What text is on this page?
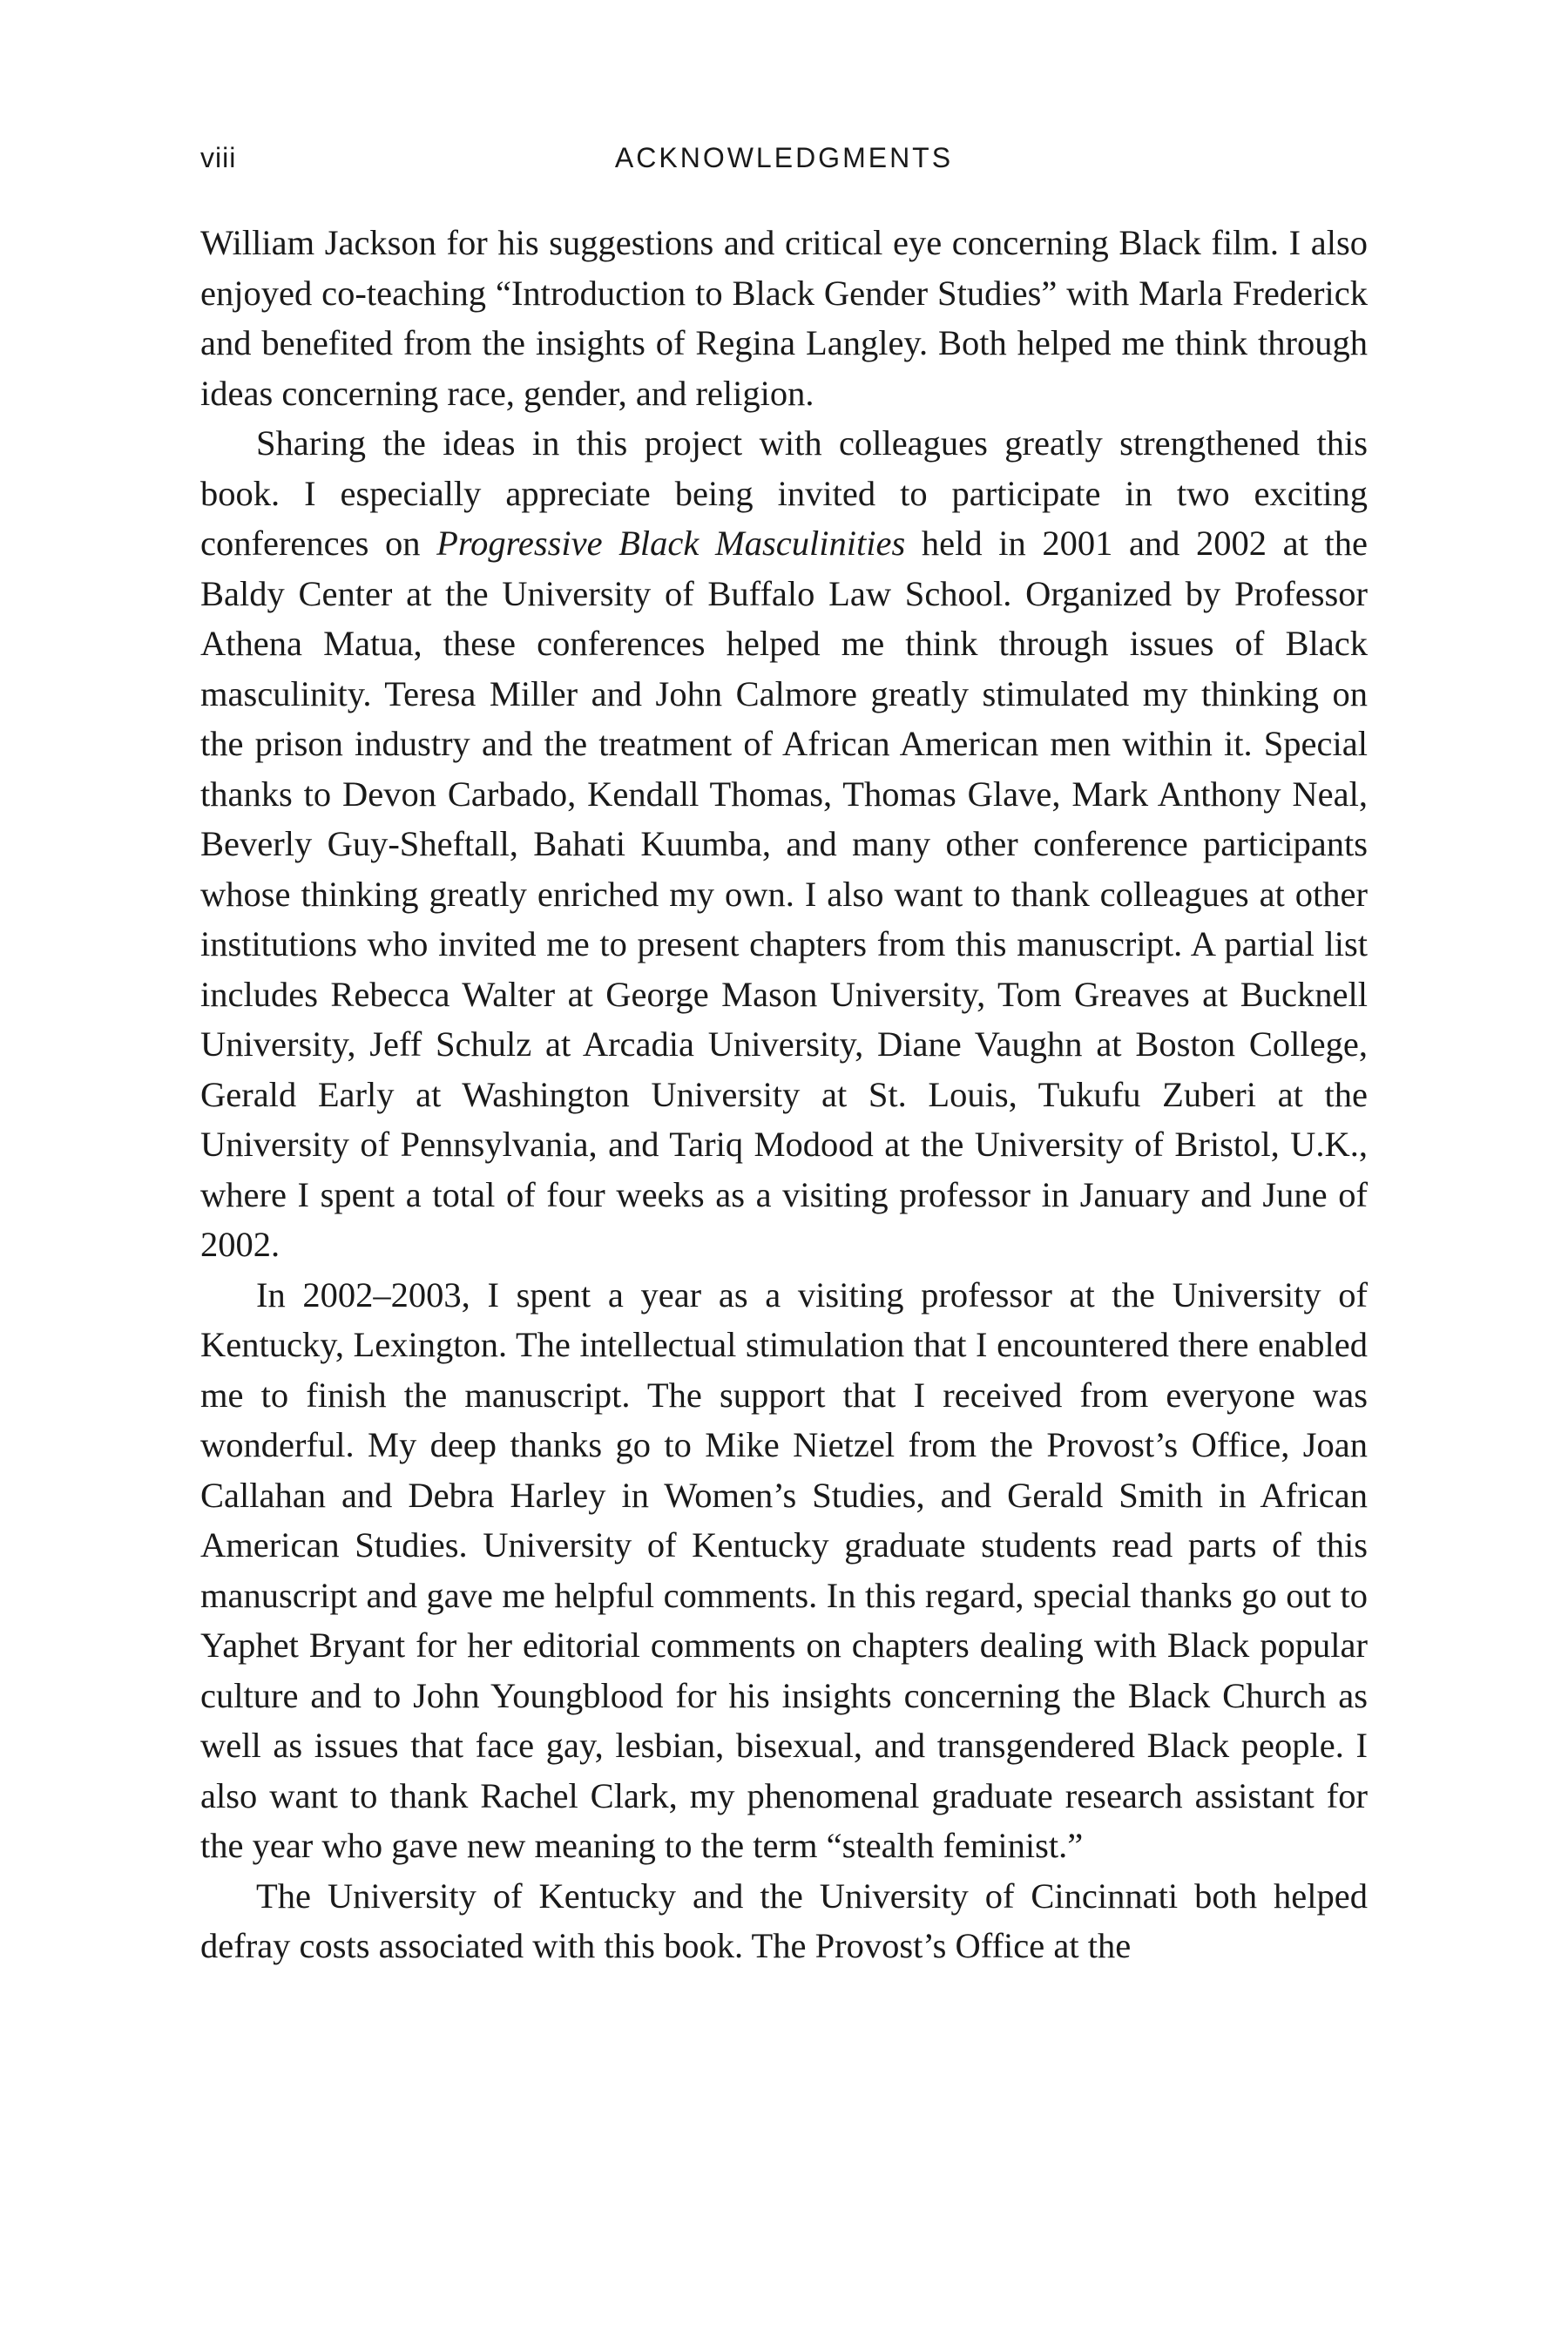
viii	ACKNOWLEDGMENTS

William Jackson for his suggestions and critical eye concerning Black film. I also enjoyed co-teaching “Introduction to Black Gender Studies” with Marla Frederick and benefited from the insights of Regina Langley. Both helped me think through ideas concerning race, gender, and religion.

Sharing the ideas in this project with colleagues greatly strengthened this book. I especially appreciate being invited to participate in two exciting conferences on Progressive Black Masculinities held in 2001 and 2002 at the Baldy Center at the University of Buffalo Law School. Organized by Professor Athena Matua, these conferences helped me think through issues of Black masculinity. Teresa Miller and John Calmore greatly stimulated my thinking on the prison industry and the treatment of African American men within it. Special thanks to Devon Carbado, Kendall Thomas, Thomas Glave, Mark Anthony Neal, Beverly Guy-Sheftall, Bahati Kuumba, and many other conference participants whose thinking greatly enriched my own. I also want to thank colleagues at other institutions who invited me to present chapters from this manuscript. A partial list includes Rebecca Walter at George Mason University, Tom Greaves at Bucknell University, Jeff Schulz at Arcadia University, Diane Vaughn at Boston College, Gerald Early at Washington University at St. Louis, Tukufu Zuberi at the University of Pennsylvania, and Tariq Modood at the University of Bristol, U.K., where I spent a total of four weeks as a visiting professor in January and June of 2002.

In 2002–2003, I spent a year as a visiting professor at the University of Kentucky, Lexington. The intellectual stimulation that I encountered there enabled me to finish the manuscript. The support that I received from everyone was wonderful. My deep thanks go to Mike Nietzel from the Provost’s Office, Joan Callahan and Debra Harley in Women’s Studies, and Gerald Smith in African American Studies. University of Kentucky graduate students read parts of this manuscript and gave me helpful comments. In this regard, special thanks go out to Yaphet Bryant for her editorial comments on chapters dealing with Black popular culture and to John Youngblood for his insights concerning the Black Church as well as issues that face gay, lesbian, bisexual, and transgendered Black people. I also want to thank Rachel Clark, my phenomenal graduate research assistant for the year who gave new meaning to the term “stealth feminist.”

The University of Kentucky and the University of Cincinnati both helped defray costs associated with this book. The Provost’s Office at the
